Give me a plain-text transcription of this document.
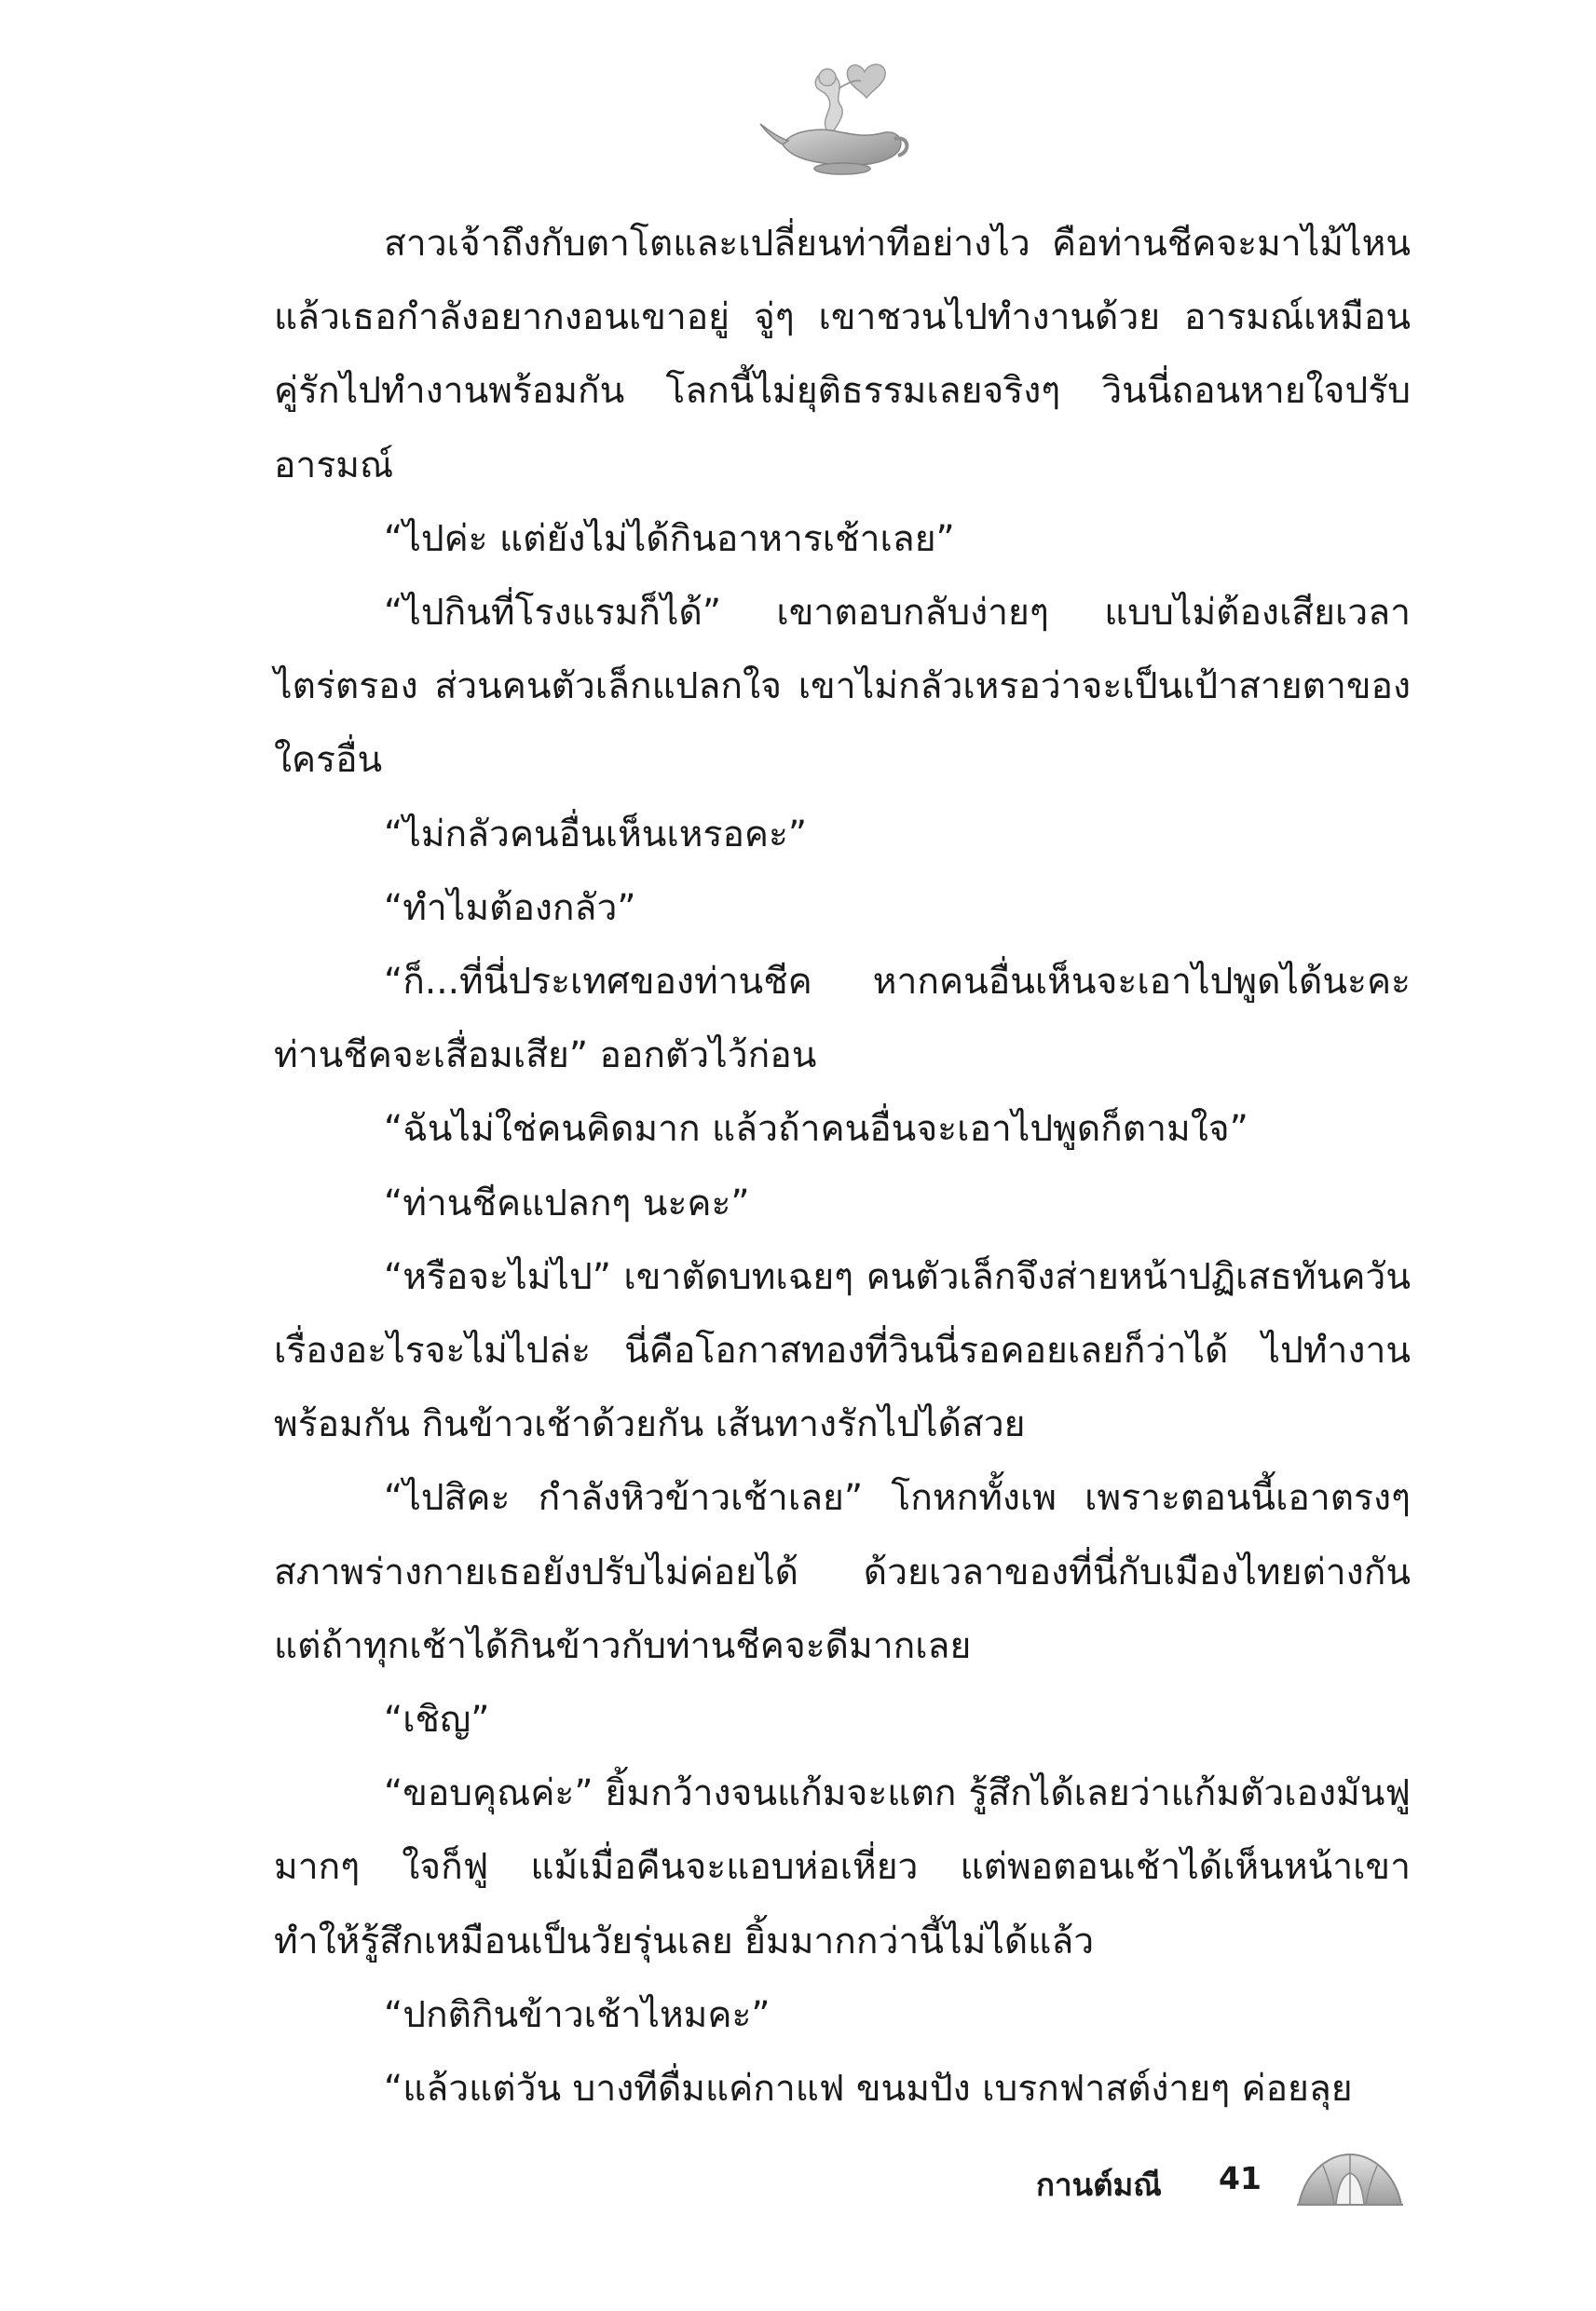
สาวเจ้าถึงกับตาโตและเปลี่ยนท่าทีอย่างไว คือท่านชีคจะมาไม้ไหน แล้วเธอกำลังอยากงอนเขาอยู่ จู่ๆ เขาชวนไปทำงานด้วย อารมณ์เหมือนคู่รักไปทำงานพร้อมกัน โลกนี้ไม่ยุติธรรมเลยจริงๆ วินนี่ถอนหายใจปรับอารมณ์

“ไปค่ะ แต่ยังไม่ได้กินอาหารเช้าเลย”

“ไปกินที่โรงแรมก็ได้” เขาตอบกลับง่ายๆ แบบไม่ต้องเสียเวลาไตร่ตรอง ส่วนคนตัวเล็กแปลกใจ เขาไม่กลัวเหรอว่าจะเป็นเป้าสายตาของใครอื่น

“ไม่กลัวคนอื่นเห็นเหรอคะ”

“ทำไมต้องกลัว”

“ก็...ที่นี่ประเทศของท่านชีค หากคนอื่นเห็นจะเอาไปพูดได้นะคะ ท่านชีคจะเสื่อมเสีย” ออกตัวไว้ก่อน

“ฉันไม่ใช่คนคิดมาก แล้วถ้าคนอื่นจะเอาไปพูดก็ตามใจ”

“ท่านชีคแปลกๆ นะคะ”

“หรือจะไม่ไป” เขาตัดบทเฉยๆ คนตัวเล็กจึงส่ายหน้าปฏิเสธทันควัน เรื่องอะไรจะไม่ไปล่ะ นี่คือโอกาสทองที่วินนี่รอคอยเลยก็ว่าได้ ไปทำงานพร้อมกัน กินข้าวเช้าด้วยกัน เส้นทางรักไปได้สวย

“ไปสิคะ กำลังหิวข้าวเช้าเลย” โกหกทั้งเพ เพราะตอนนี้เอาตรงๆ สภาพร่างกายเธอยังปรับไม่ค่อยได้ ด้วยเวลาของที่นี่กับเมืองไทยต่างกัน แต่ถ้าทุกเช้าได้กินข้าวกับท่านชีคจะดีมากเลย

“เชิญ”

“ขอบคุณค่ะ” ยิ้มกว้างจนแก้มจะแตก รู้สึกได้เลยว่าแก้มตัวเองมันฟูมากๆ ใจก็ฟู แม้เมื่อคืนจะแอบห่อเหี่ยว แต่พอตอนเช้าได้เห็นหน้าเขา ทำให้รู้สึกเหมือนเป็นวัยรุ่นเลย ยิ้มมากกว่านี้ไม่ได้แล้ว

“ปกติกินข้าวเช้าไหมคะ”

“แล้วแต่วัน บางทีดื่มแค่กาแฟ ขนมปัง เบรกฟาสต์ง่ายๆ ค่อยลุย

กานต์มณี 41
